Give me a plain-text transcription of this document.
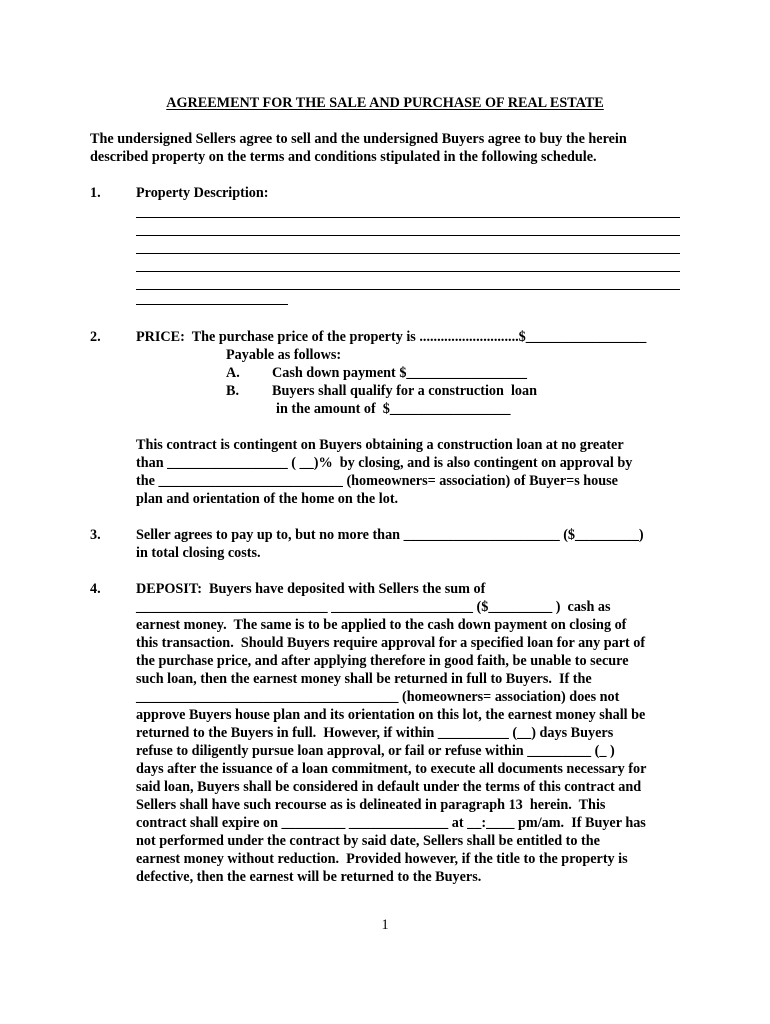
AGREEMENT FOR THE SALE AND PURCHASE OF REAL ESTATE
The undersigned Sellers agree to sell and the undersigned Buyers agree to buy the herein
described property on the terms and conditions stipulated in the following schedule.
1. Property Description:
2. PRICE:  The purchase price of the property is ............................$_________________
Payable as follows:
A. Cash down payment $_________________
B. Buyers shall qualify for a construction  loan
in the amount of  $_________________
This contract is contingent on Buyers obtaining a construction loan at no greater
than _________________ ( __)%  by closing, and is also contingent on approval by
the __________________________ (homeowners= association) of Buyer=s house
plan and orientation of the home on the lot.
3. Seller agrees to pay up to, but no more than ______________________ ($_________)
in total closing costs.
4. DEPOSIT:  Buyers have deposited with Sellers the sum of
___________________________ ____________________ ($_________ )  cash as
earnest money.  The same is to be applied to the cash down payment on closing of
this transaction.  Should Buyers require approval for a specified loan for any part of
the purchase price, and after applying therefore in good faith, be unable to secure
such loan, then the earnest money shall be returned in full to Buyers.  If the
_____________________________________ (homeowners= association) does not
approve Buyers house plan and its orientation on this lot, the earnest money shall be
returned to the Buyers in full.  However, if within __________ (__) days Buyers
refuse to diligently pursue loan approval, or fail or refuse within _________ (_ )
days after the issuance of a loan commitment, to execute all documents necessary for
said loan, Buyers shall be considered in default under the terms of this contract and
Sellers shall have such recourse as is delineated in paragraph 13  herein.  This
contract shall expire on _________ ______________ at __:____ pm/am.  If Buyer has
not performed under the contract by said date, Sellers shall be entitled to the
earnest money without reduction.  Provided however, if the title to the property is
defective, then the earnest will be returned to the Buyers.
1
